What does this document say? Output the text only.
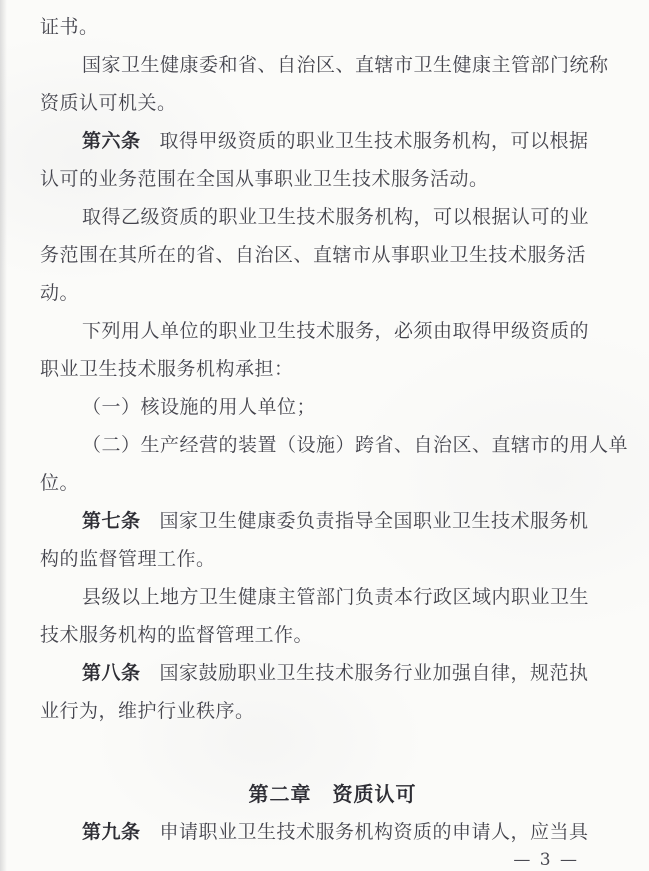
证书。
国家卫生健康委和省、自治区、直辖市卫生健康主管部门统称
资质认可机关。
第六条 取得甲级资质的职业卫生技术服务机构，可以根据
认可的业务范围在全国从事职业卫生技术服务活动。
取得乙级资质的职业卫生技术服务机构，可以根据认可的业
务范围在其所在的省、自治区、直辖市从事职业卫生技术服务活
动。
下列用人单位的职业卫生技术服务，必须由取得甲级资质的
职业卫生技术服务机构承担：
（一）核设施的用人单位；
（二）生产经营的装置（设施）跨省、自治区、直辖市的用人单
位。
第七条 国家卫生健康委负责指导全国职业卫生技术服务机
构的监督管理工作。
县级以上地方卫生健康主管部门负责本行政区域内职业卫生
技术服务机构的监督管理工作。
第八条 国家鼓励职业卫生技术服务行业加强自律，规范执
业行为，维护行业秩序。
第二章　资质认可
第九条 申请职业卫生技术服务机构资质的申请人，应当具
— 3 —
